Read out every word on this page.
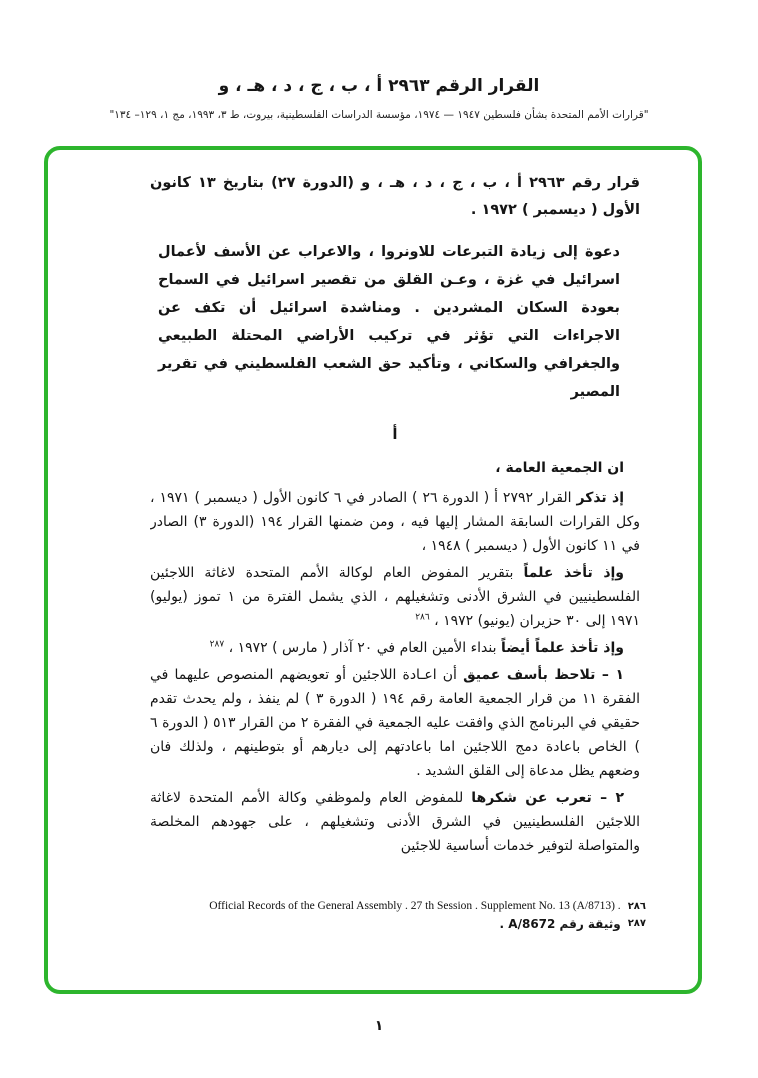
القرار الرقم ٢٩٦٣ أ ، ب ، ج ، د ، هـ ، و
"قرارات الأمم المتحدة بشأن فلسطين ١٩٤٧ — ١٩٧٤، مؤسسة الدراسات الفلسطينية، بيروت، ط ٣، ١٩٩٣، مج ١، ١٢٩– ١٣٤"

قرار رقم ٢٩٦٣ أ ، ب ، ج ، د ، هـ ، و (الدورة ٢٧) بتاريخ ١٣ كانون الأول ( ديسمبر ) ١٩٧٢ .

دعوة إلى زيادة التبرعات للاونروا ، والاعراب عن الأسف لأعمال اسرائيل في غزة ، وعـن القلق من تقصير اسرائيل في السماح بعودة السكان المشردين . ومناشدة اسرائيل أن تكف عن الاجراءات التي تؤثر في تركيب الأراضي المحتلة الطبيعي والجغرافي والسكاني ، وتأكيد حق الشعب الفلسطيني في تقرير المصير

أ

ان الجمعية العامة ،

إذ تذكر القرار ٢٧٩٢ أ ( الدورة ٢٦ ) الصادر في ٦ كانون الأول ( ديسمبر ) ١٩٧١ ، وكل القرارات السابقة المشار إليها فيه ، ومن ضمنها القرار ١٩٤ (الدورة ٣) الصادر في ١١ كانون الأول ( ديسمبر ) ١٩٤٨ ،

وإذ تأخذ علماً بتقرير المفوض العام لوكالة الأمم المتحدة لاغاثة اللاجئين الفلسطينيين في الشرق الأدنى وتشغيلهم ، الذي يشمل الفترة من ١ تموز (يوليو) ١٩٧١ إلى ٣٠ حزيران (يونيو) ١٩٧٢ ، $^{٢٨٦}$

وإذ تأخذ علماً أيضاً بنداء الأمين العام في ٢٠ آذار ( مارس ) ١٩٧٢ ، $^{٢٨٧}$

١ – تلاحظ بأسف عميق أن اعـادة اللاجئين أو تعويضهم المنصوص عليهما في الفقرة ١١ من قرار الجمعية العامة رقم ١٩٤ ( الدورة ٣ ) لم ينفذ ، ولم يحدث تقدم حقيقي في البرنامج الذي وافقت عليه الجمعية في الفقرة ٢ من القرار ٥١٣ ( الدورة ٦ ) الخاص باعادة دمج اللاجئين اما باعادتهم إلى ديارهم أو بتوطينهم ، ولذلك فان وضعهم يظل مدعاة إلى القلق الشديد .

٢ – تعرب عن شكرها للمفوض العام ولموظفي وكالة الأمم المتحدة لاغاثة اللاجئين الفلسطينيين في الشرق الأدنى وتشغيلهم ، على جهودهم المخلصة والمتواصلة لتوفير خدمات أساسية للاجئين

٢٨٦
Official Records of the General Assembly . 27 th Session . Supplement No. 13 (A/8713) .
٢٨٧
وثيقة رقم A/8672 .
١
